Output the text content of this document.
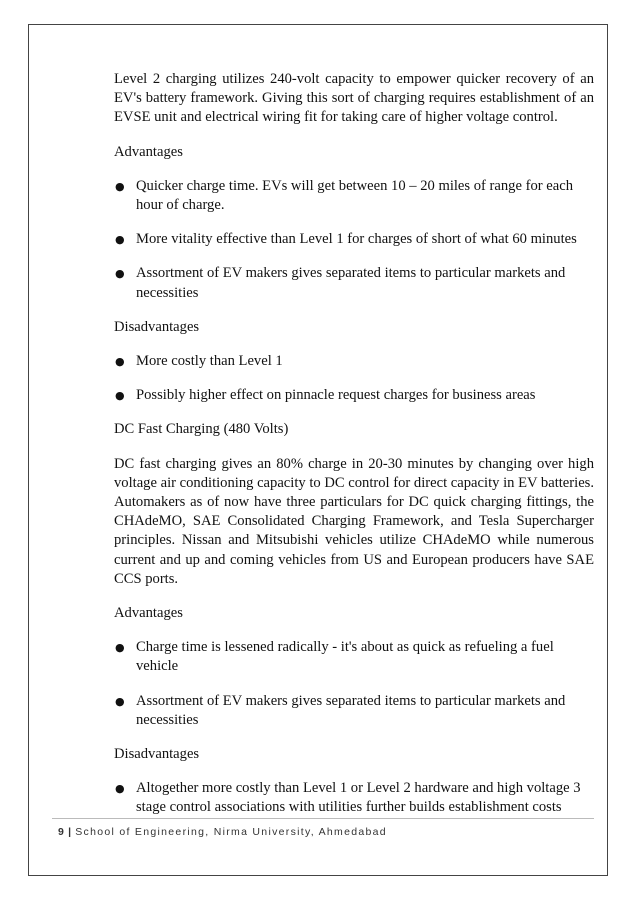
Level 2 charging utilizes 240-volt capacity to empower quicker recovery of an EV's battery framework. Giving this sort of charging requires establishment of an EVSE unit and electrical wiring fit for taking care of higher voltage control.

Advantages

● Quicker charge time. EVs will get between 10 – 20 miles of range for each hour of charge.
● More vitality effective than Level 1 for charges of short of what 60 minutes
● Assortment of EV makers gives separated items to particular markets and necessities

Disadvantages

● More costly than Level 1
● Possibly higher effect on pinnacle request charges for business areas

DC Fast Charging (480 Volts)

DC fast charging gives an 80% charge in 20-30 minutes by changing over high voltage air conditioning capacity to DC control for direct capacity in EV batteries. Automakers as of now have three particulars for DC quick charging fittings, the CHAdeMO, SAE Consolidated Charging Framework, and Tesla Supercharger principles. Nissan and Mitsubishi vehicles utilize CHAdeMO while numerous current and up and coming vehicles from US and European producers have SAE CCS ports.

Advantages

● Charge time is lessened radically - it's about as quick as refueling a fuel vehicle
● Assortment of EV makers gives separated items to particular markets and necessities

Disadvantages

● Altogether more costly than Level 1 or Level 2 hardware and high voltage 3 stage control associations with utilities further builds establishment costs
9 | School of Engineering, Nirma University, Ahmedabad
